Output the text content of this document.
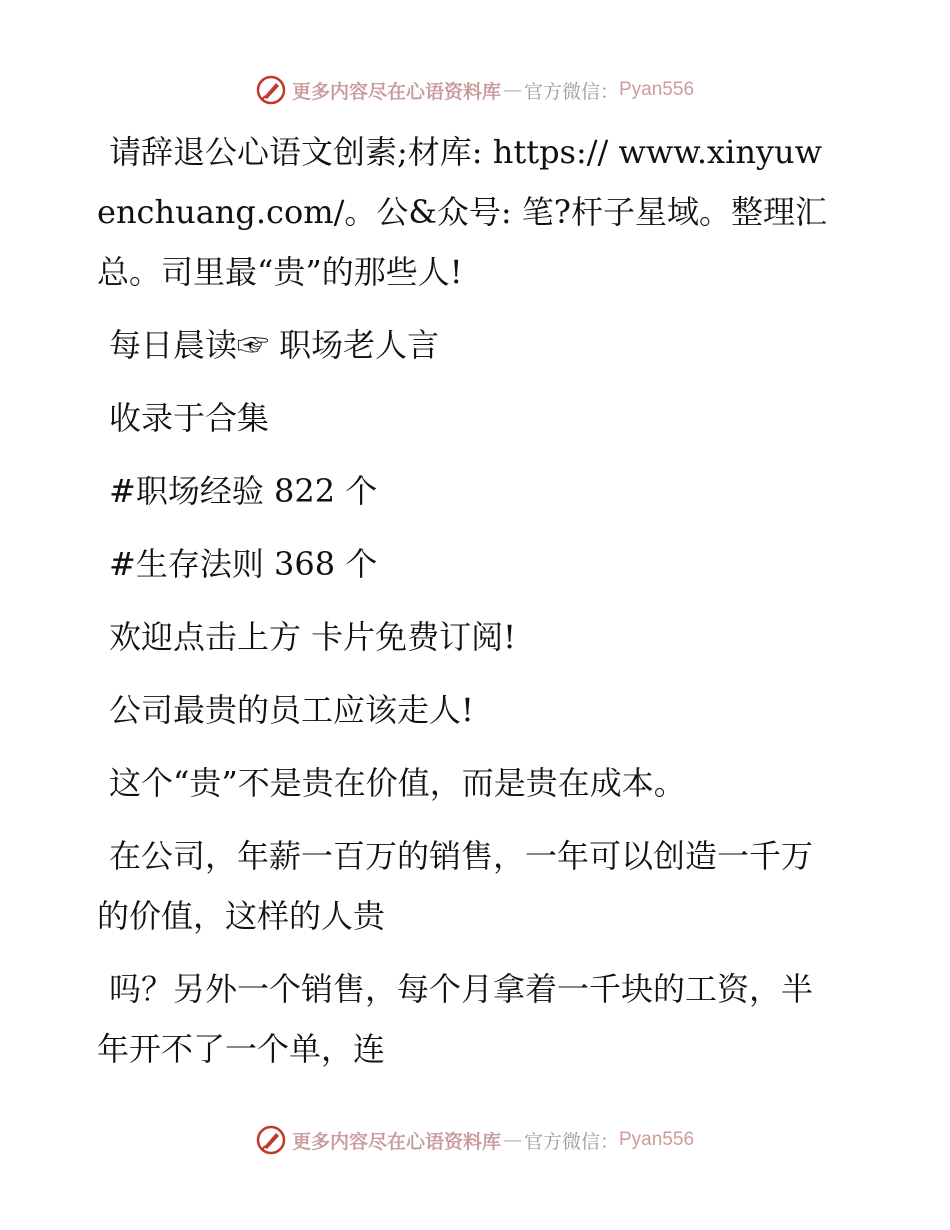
更多内容尽在心语资料库 — 官方微信： Pyan556

请辞退公心语文创素;材库: https:// www.xinyuwenchuang.com/。公&众号: 笔?杆子星域。整理汇总。司里最“贵”的那些人!

每日晨读☞ 职场老人言

收录于合集

#职场经验 822 个

#生存法则 368 个

欢迎点击上方 卡片免费订阅!

公司最贵的员工应该走人!

这个“贵”不是贵在价值，而是贵在成本。

在公司，年薪一百万的销售，一年可以创造一千万的价值，这样的人贵

吗？另外一个销售，每个月拿着一千块的工资，半年开不了一个单，连

更多内容尽在心语资料库 — 官方微信： Pyan556
